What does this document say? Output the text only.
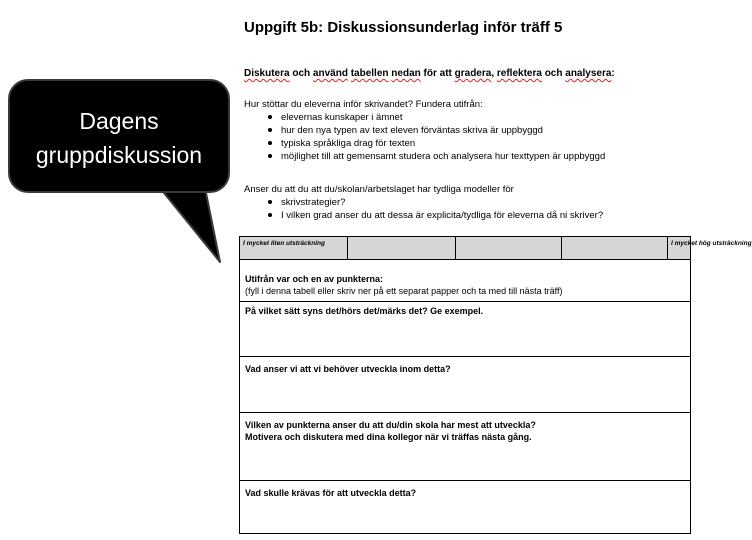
Uppgift 5b: Diskussionsunderlag inför träff 5
Diskutera och använd tabellen nedan för att gradera, reflektera och analysera:

Hur stöttar du eleverna inför skrivandet? Fundera utifrån:

elevernas kunskaper i ämnet
hur den nya typen av text eleven förväntas skriva är uppbyggd
typiska språkliga drag för texten
möjlighet till att gemensamt studera och analysera hur texttypen är uppbyggd

Anser du att du att du/skolan/arbetslaget har tydliga modeller för

skrivstrategier?
I vilken grad anser du att dessa är explicita/tydliga för eleverna då ni skriver?
I mycket liten utsträckning	I mycket hög utsträckning

Utifrån var och en av punkterna:

(fyll i denna tabell eller skriv ner på ett separat papper och ta med till nästa träff)

På vilket sätt syns det/hörs det/märks det? Ge exempel.

Vad anser vi att vi behöver utveckla inom detta?

Vilken av punkterna anser du att du/din skola har mest att utveckla?

Motivera och diskutera med dina kollegor när vi träffas nästa gång.

Vad skulle krävas för att utveckla detta?

Dagens
gruppdiskussion
